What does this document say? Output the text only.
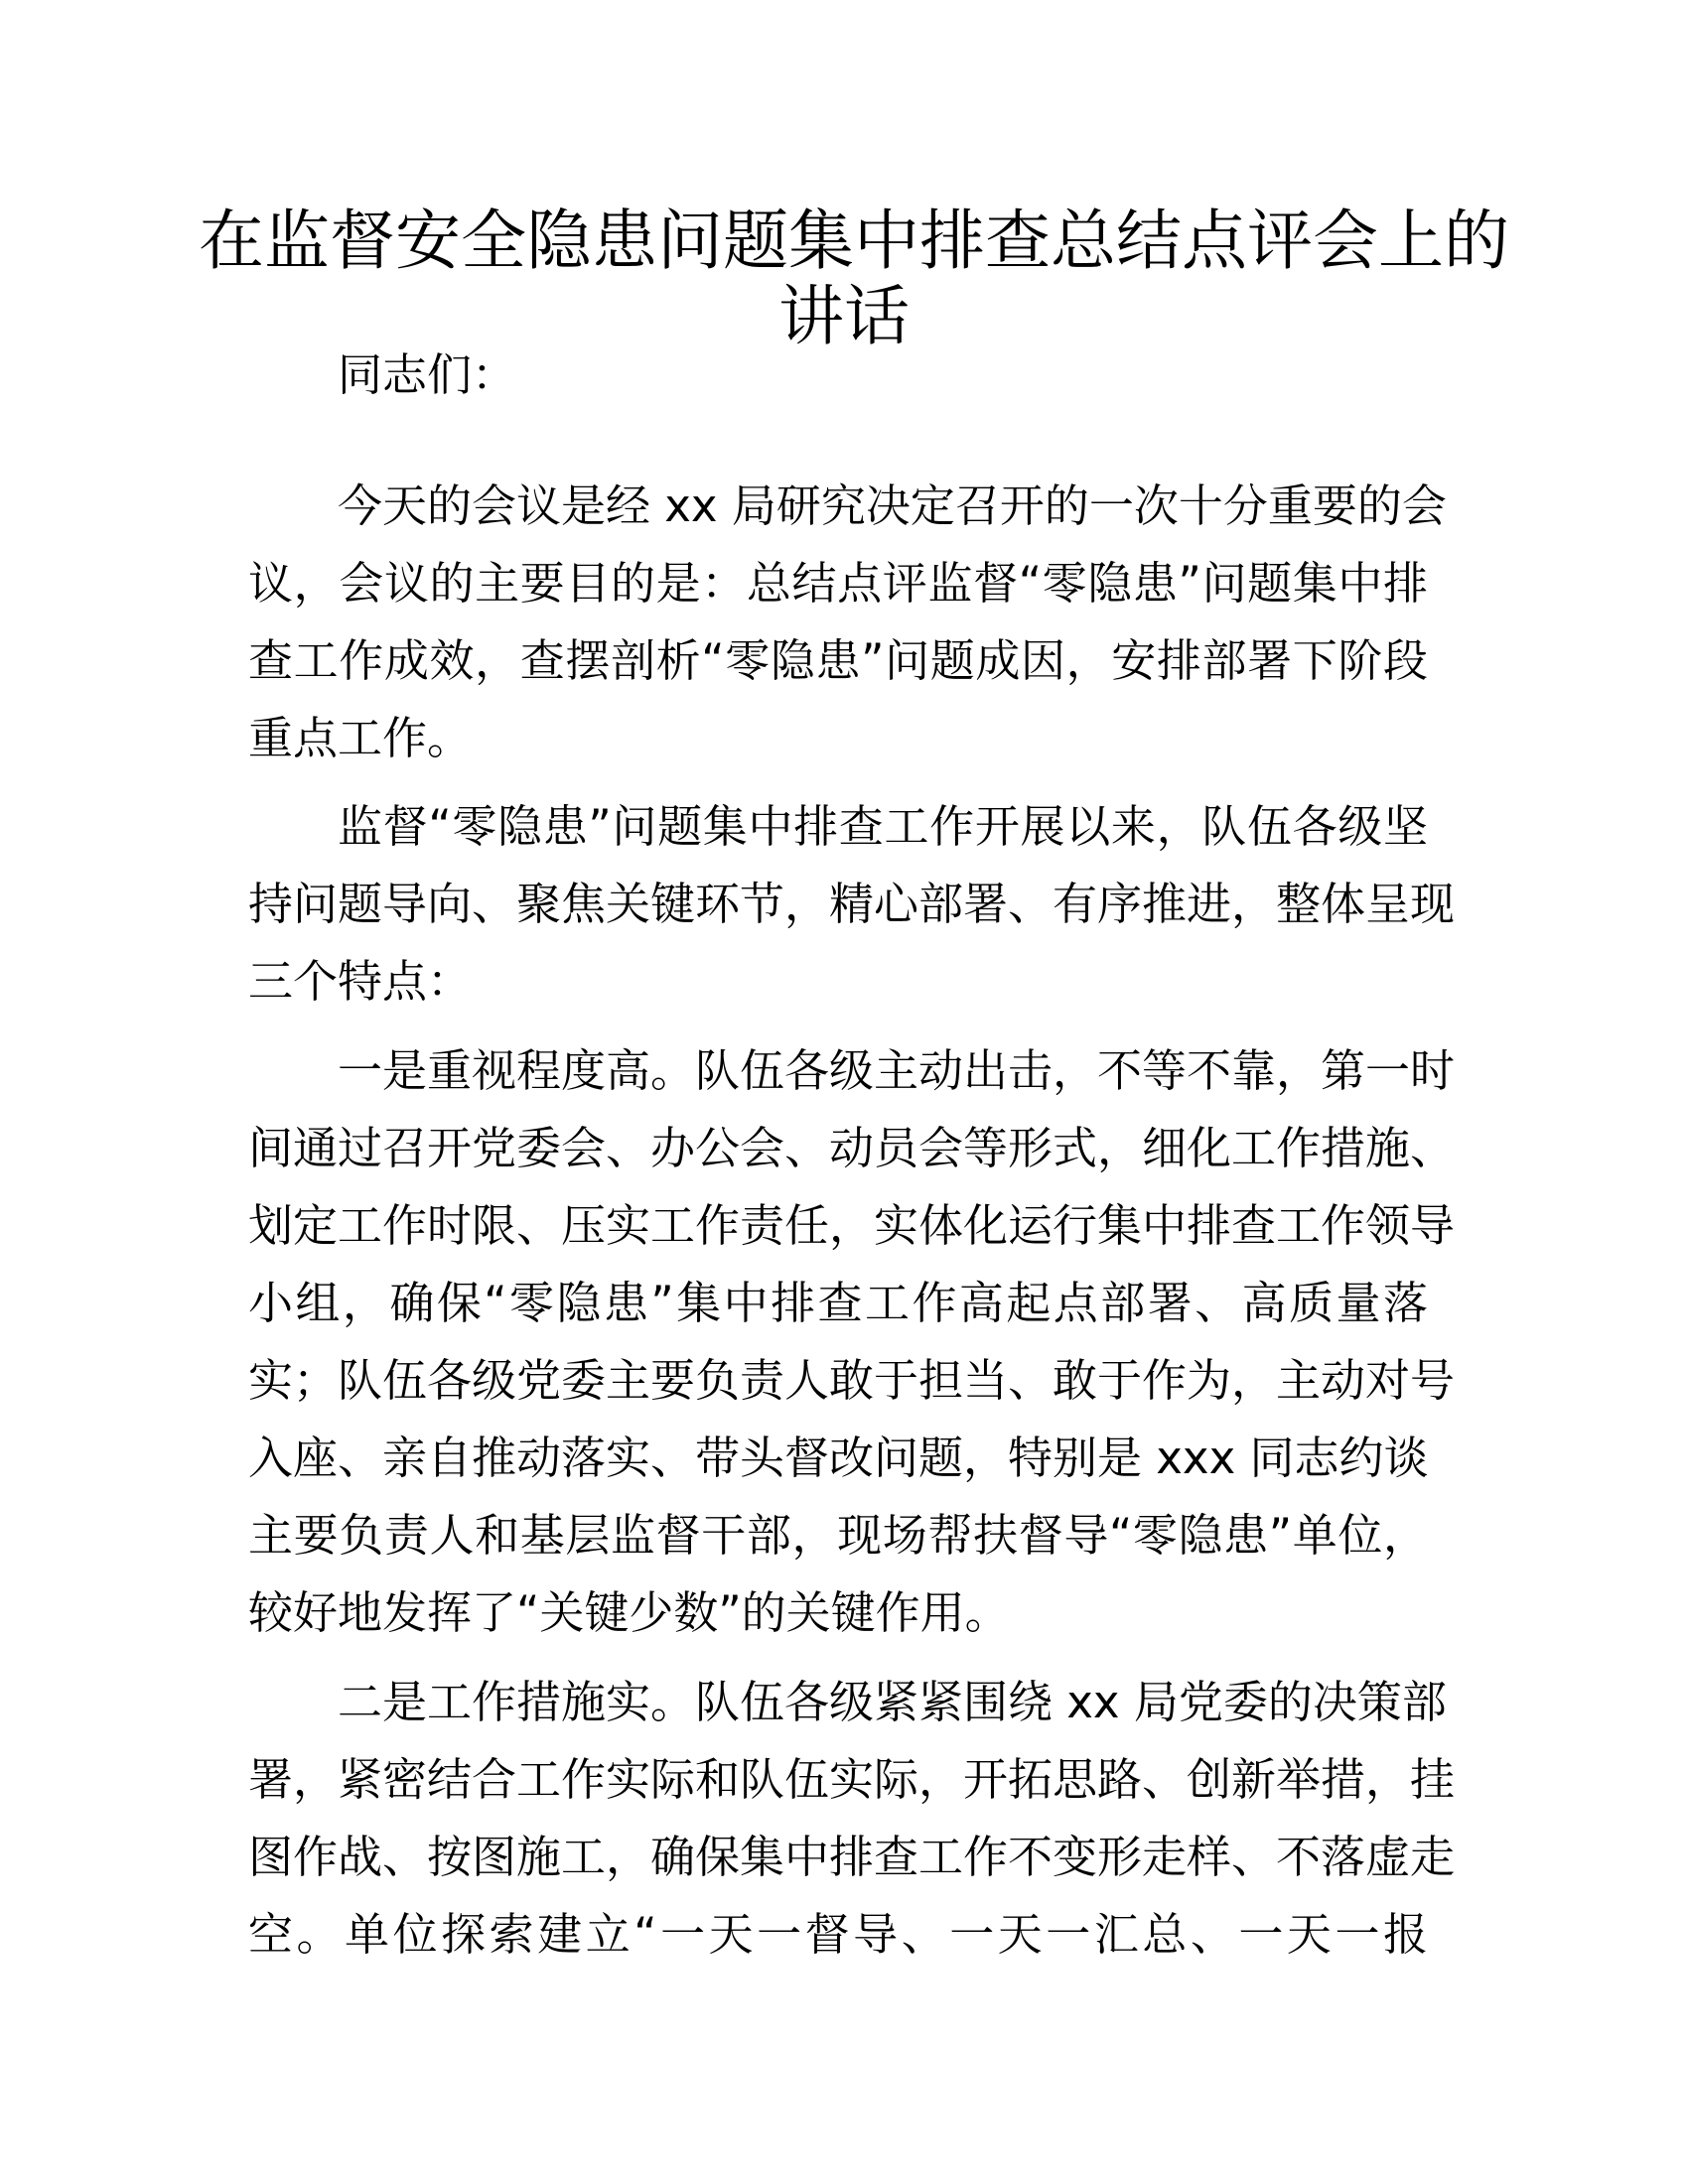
在监督安全隐患问题集中排查总结点评会上的
讲话
同志们：
今天的会议是经 xx 局研究决定召开的一次十分重要的会
议，会议的主要目的是：总结点评监督“零隐患”问题集中排
查工作成效，查摆剖析“零隐患”问题成因，安排部署下阶段
重点工作。
监督“零隐患”问题集中排查工作开展以来，队伍各级坚
持问题导向、聚焦关键环节，精心部署、有序推进，整体呈现
三个特点：
一是重视程度高。队伍各级主动出击，不等不靠，第一时
间通过召开党委会、办公会、动员会等形式，细化工作措施、
划定工作时限、压实工作责任，实体化运行集中排查工作领导
小组，确保“零隐患”集中排查工作高起点部署、高质量落
实；队伍各级党委主要负责人敢于担当、敢于作为，主动对号
入座、亲自推动落实、带头督改问题，特别是 xxx 同志约谈
主要负责人和基层监督干部，现场帮扶督导“零隐患”单位，
较好地发挥了“关键少数”的关键作用。
二是工作措施实。队伍各级紧紧围绕 xx 局党委的决策部
署，紧密结合工作实际和队伍实际，开拓思路、创新举措，挂
图作战、按图施工，确保集中排查工作不变形走样、不落虚走
空。单位探索建立“一天一督导、一天一汇总、一天一报
